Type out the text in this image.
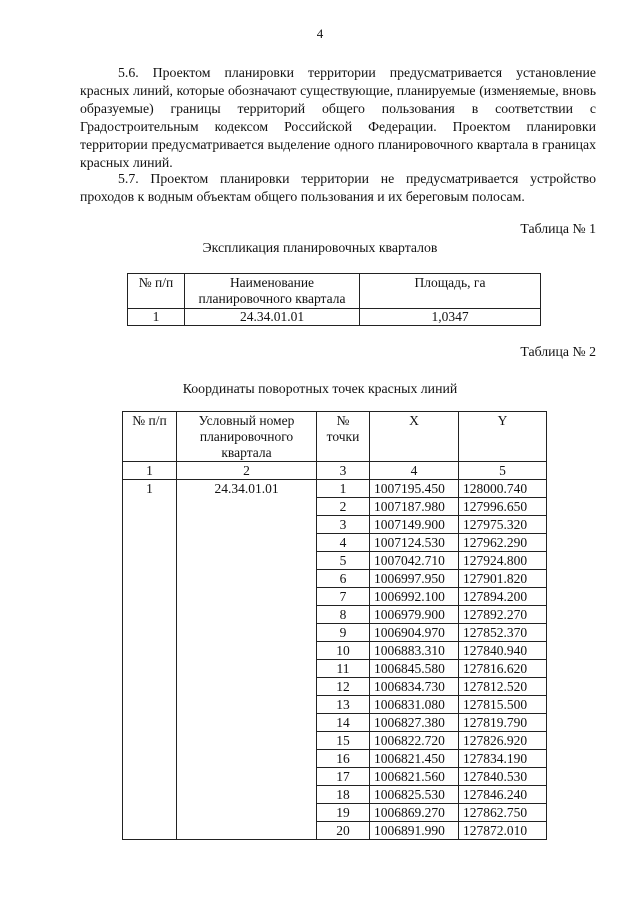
4

5.6. Проектом планировки территории предусматривается установление красных линий, которые обозначают существующие, планируемые (изменяемые, вновь образуемые) границы территорий общего пользования в соответствии с Градостроительным кодексом Российской Федерации. Проектом планировки территории предусматривается выделение одного планировочного квартала в границах красных линий.

5.7. Проектом планировки территории не предусматривается устройство проходов к водным объектам общего пользования и их береговым полосам.

Таблица № 1
Экспликация планировочных кварталов
№ п/п	Наименование планировочного квартала	Площадь, га
1	24.34.01.01	1,0347
Таблица № 2
Координаты поворотных точек красных линий
№ п/п	Условный номер планировочного квартала	№ точки	X	Y
1	2	3	4	5
1	24.34.01.01	1	1007195.450	128000.740
		2	1007187.980	127996.650
		3	1007149.900	127975.320
		4	1007124.530	127962.290
		5	1007042.710	127924.800
		6	1006997.950	127901.820
		7	1006992.100	127894.200
		8	1006979.900	127892.270
		9	1006904.970	127852.370
		10	1006883.310	127840.940
		11	1006845.580	127816.620
		12	1006834.730	127812.520
		13	1006831.080	127815.500
		14	1006827.380	127819.790
		15	1006822.720	127826.920
		16	1006821.450	127834.190
		17	1006821.560	127840.530
		18	1006825.530	127846.240
		19	1006869.270	127862.750
		20	1006891.990	127872.010
